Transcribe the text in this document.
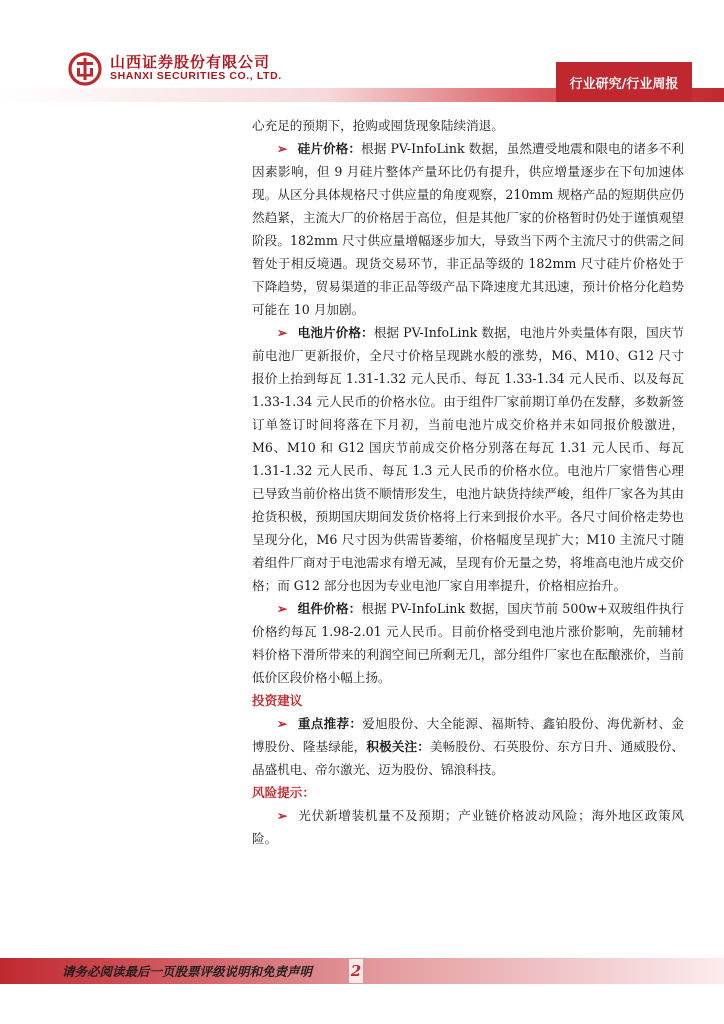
山西证券股份有限公司
SHANXI SECURITIES CO., LTD.
行业研究/行业周报

心充足的预期下，抢购或囤货现象陆续消退。

➢ 硅片价格：根据 PV-InfoLink 数据，虽然遭受地震和限电的诸多不利因素影响，但 9 月硅片整体产量环比仍有提升，供应增量逐步在下旬加速体现。从区分具体规格尺寸供应量的角度观察，210mm 规格产品的短期供应仍然趋紧，主流大厂的价格居于高位，但是其他厂家的价格暂时仍处于谨慎观望阶段。182mm 尺寸供应量增幅逐步加大，导致当下两个主流尺寸的供需之间暂处于相反境遇。现货交易环节，非正品等级的 182mm 尺寸硅片价格处于下降趋势，贸易渠道的非正品等级产品下降速度尤其迅速，预计价格分化趋势可能在 10 月加剧。

➢ 电池片价格：根据 PV-InfoLink 数据，电池片外卖量体有限，国庆节前电池厂更新报价，全尺寸价格呈现跳水般的涨势，M6、M10、G12 尺寸报价上抬到每瓦 1.31-1.32 元人民币、每瓦 1.33-1.34 元人民币、以及每瓦 1.33-1.34 元人民币的价格水位。由于组件厂家前期订单仍在发酵，多数新签订单签订时间将落在下月初，当前电池片成交价格并未如同报价般激进，M6、M10 和 G12 国庆节前成交价格分别落在每瓦 1.31 元人民币、每瓦 1.31-1.32 元人民币、每瓦 1.3 元人民币的价格水位。电池片厂家惜售心理已导致当前价格出货不顺情形发生，电池片缺货持续严峻，组件厂家各为其由抢货积极，预期国庆期间发货价格将上行来到报价水平。各尺寸间价格走势也呈现分化，M6 尺寸因为供需皆萎缩，价格幅度呈现扩大；M10 主流尺寸随着组件厂商对于电池需求有增无减，呈现有价无量之势，将堆高电池片成交价格；而 G12 部分也因为专业电池厂家自用率提升，价格相应抬升。

➢ 组件价格：根据 PV-InfoLink 数据，国庆节前 500w+双玻组件执行价格约每瓦 1.98-2.01 元人民币。目前价格受到电池片涨价影响，先前辅材料价格下滑所带来的利润空间已所剩无几，部分组件厂家也在酝酿涨价，当前低价区段价格小幅上扬。

投资建议

➢ 重点推荐：爱旭股份、大全能源、福斯特、鑫铂股份、海优新材、金博股份、隆基绿能，积极关注：美畅股份、石英股份、东方日升、通威股份、晶盛机电、帝尔激光、迈为股份、锦浪科技。

风险提示：

➢ 光伏新增装机量不及预期；产业链价格波动风险；海外地区政策风险。

请务必阅读最后一页股票评级说明和免责声明	2
